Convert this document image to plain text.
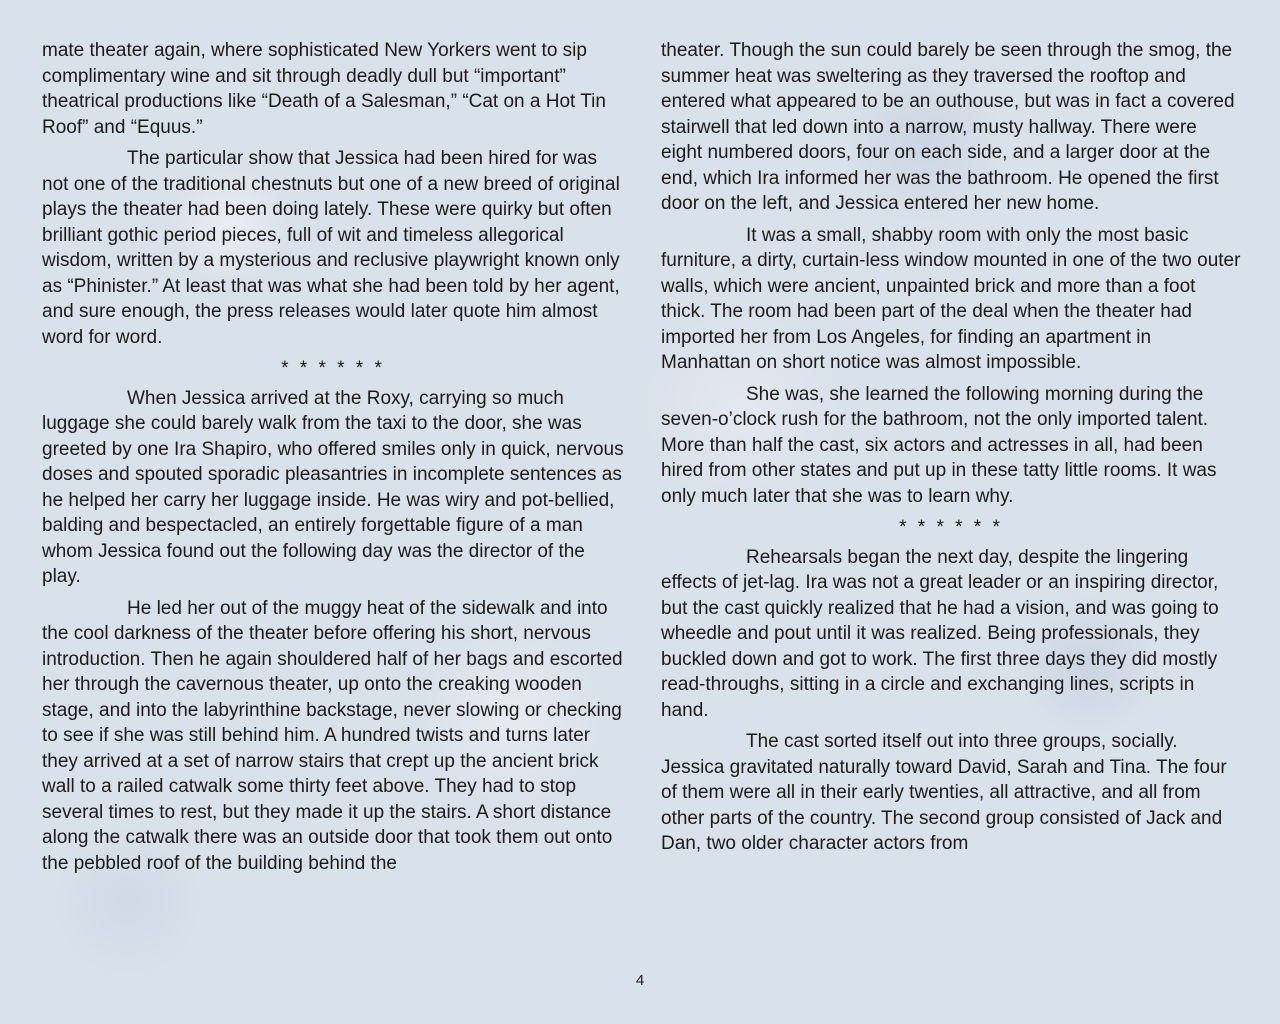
mate theater again, where sophisticated New Yorkers went to sip complimentary wine and sit through deadly dull but “important” theatrical productions like “Death of a Salesman,” “Cat on a Hot Tin Roof” and “Equus.”

The particular show that Jessica had been hired for was not one of the traditional chestnuts but one of a new breed of original plays the theater had been doing lately. These were quirky but often brilliant gothic period pieces, full of wit and timeless allegorical wisdom, written by a mysterious and reclusive playwright known only as “Phinister.” At least that was what she had been told by her agent, and sure enough, the press releases would later quote him almost word for word.

* * * * * *

When Jessica arrived at the Roxy, carrying so much luggage she could barely walk from the taxi to the door, she was greeted by one Ira Shapiro, who offered smiles only in quick, nervous doses and spouted sporadic pleasantries in incomplete sentences as he helped her carry her luggage inside. He was wiry and pot-bellied, balding and bespectacled, an entirely forgettable figure of a man whom Jessica found out the following day was the director of the play.

He led her out of the muggy heat of the sidewalk and into the cool darkness of the theater before offering his short, nervous introduction. Then he again shouldered half of her bags and escorted her through the cavernous theater, up onto the creaking wooden stage, and into the labyrinthine backstage, never slowing or checking to see if she was still behind him. A hundred twists and turns later they arrived at a set of narrow stairs that crept up the ancient brick wall to a railed catwalk some thirty feet above. They had to stop several times to rest, but they made it up the stairs. A short distance along the catwalk there was an outside door that took them out onto the pebbled roof of the building behind the

theater. Though the sun could barely be seen through the smog, the summer heat was sweltering as they traversed the rooftop and entered what appeared to be an outhouse, but was in fact a covered stairwell that led down into a narrow, musty hallway. There were eight numbered doors, four on each side, and a larger door at the end, which Ira informed her was the bathroom. He opened the first door on the left, and Jessica entered her new home.

It was a small, shabby room with only the most basic furniture, a dirty, curtain-less window mounted in one of the two outer walls, which were ancient, unpainted brick and more than a foot thick. The room had been part of the deal when the theater had imported her from Los Angeles, for finding an apartment in Manhattan on short notice was almost impossible.

She was, she learned the following morning during the seven-o’clock rush for the bathroom, not the only imported talent. More than half the cast, six actors and actresses in all, had been hired from other states and put up in these tatty little rooms. It was only much later that she was to learn why.

* * * * * *

Rehearsals began the next day, despite the lingering effects of jet-lag. Ira was not a great leader or an inspiring director, but the cast quickly realized that he had a vision, and was going to wheedle and pout until it was realized. Being professionals, they buckled down and got to work. The first three days they did mostly read-throughs, sitting in a circle and exchanging lines, scripts in hand.

The cast sorted itself out into three groups, socially. Jessica gravitated naturally toward David, Sarah and Tina. The four of them were all in their early twenties, all attractive, and all from other parts of the country. The second group consisted of Jack and Dan, two older character actors from

4
